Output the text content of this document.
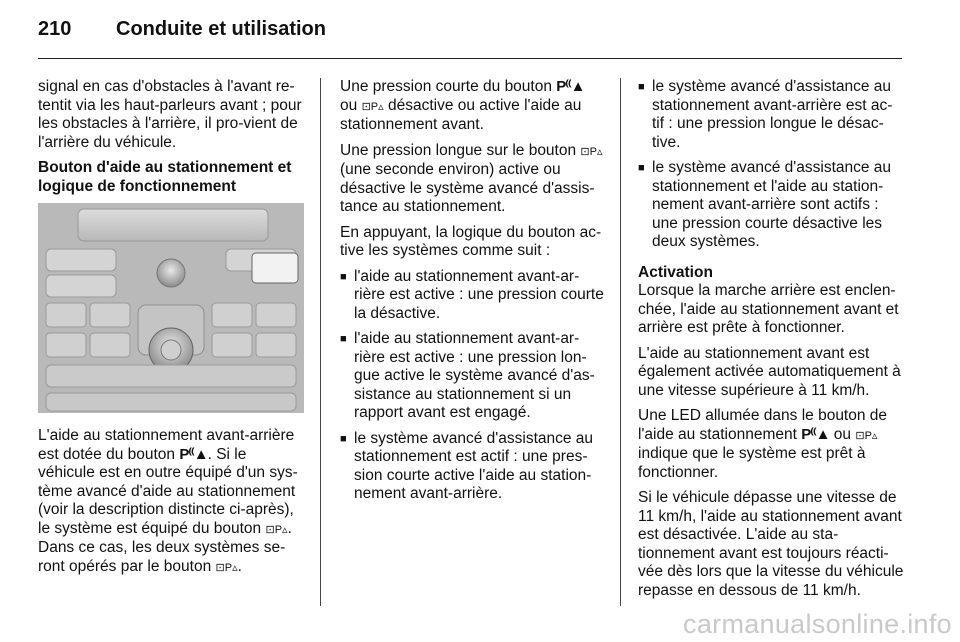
210 Conduite et utilisation

signal en cas d'obstacles à l'avant re-tentit via les haut-parleurs avant ; pour les obstacles à l'arrière, il pro-vient de l'arrière du véhicule.

Bouton d'aide au stationnement et logique de fonctionnement

L'aide au stationnement avant-arrière est dotée du bouton P⁽⁽▲. Si le véhicule est en outre équipé d'un sys-tème avancé d'aide au stationnement (voir la description distincte ci-après), le système est équipé du bouton ⊡P▵. Dans ce cas, les deux systèmes se-ront opérés par le bouton ⊡P▵.

Une pression courte du bouton P⁽⁽▲ ou ⊡P▵ désactive ou active l'aide au stationnement avant.

Une pression longue sur le bouton ⊡P▵ (une seconde environ) active ou désactive le système avancé d'assis-tance au stationnement.

En appuyant, la logique du bouton ac-tive les systèmes comme suit :

■ l'aide au stationnement avant-ar-rière est active : une pression courte la désactive.
■ l'aide au stationnement avant-ar-rière est active : une pression lon-gue active le système avancé d'as-sistance au stationnement si un rapport avant est engagé.
■ le système avancé d'assistance au stationnement est actif : une pres-sion courte active l'aide au station-nement avant-arrière.
■ le système avancé d'assistance au stationnement avant-arrière est ac-tif : une pression longue le désac-tive.
■ le système avancé d'assistance au stationnement et l'aide au station-nement avant-arrière sont actifs : une pression courte désactive les deux systèmes.

Activation

Lorsque la marche arrière est enclen-chée, l'aide au stationnement avant et arrière est prête à fonctionner.

L'aide au stationnement avant est également activée automatiquement à une vitesse supérieure à 11 km/h.

Une LED allumée dans le bouton de l'aide au stationnement P⁽⁽▲ ou ⊡P▵ indique que le système est prêt à fonctionner.

Si le véhicule dépasse une vitesse de 11 km/h, l'aide au stationnement avant est désactivée. L'aide au sta-tionnement avant est toujours réacti-vée dès lors que la vitesse du véhicule repasse en dessous de 11 km/h.

carmanualsonline.info
